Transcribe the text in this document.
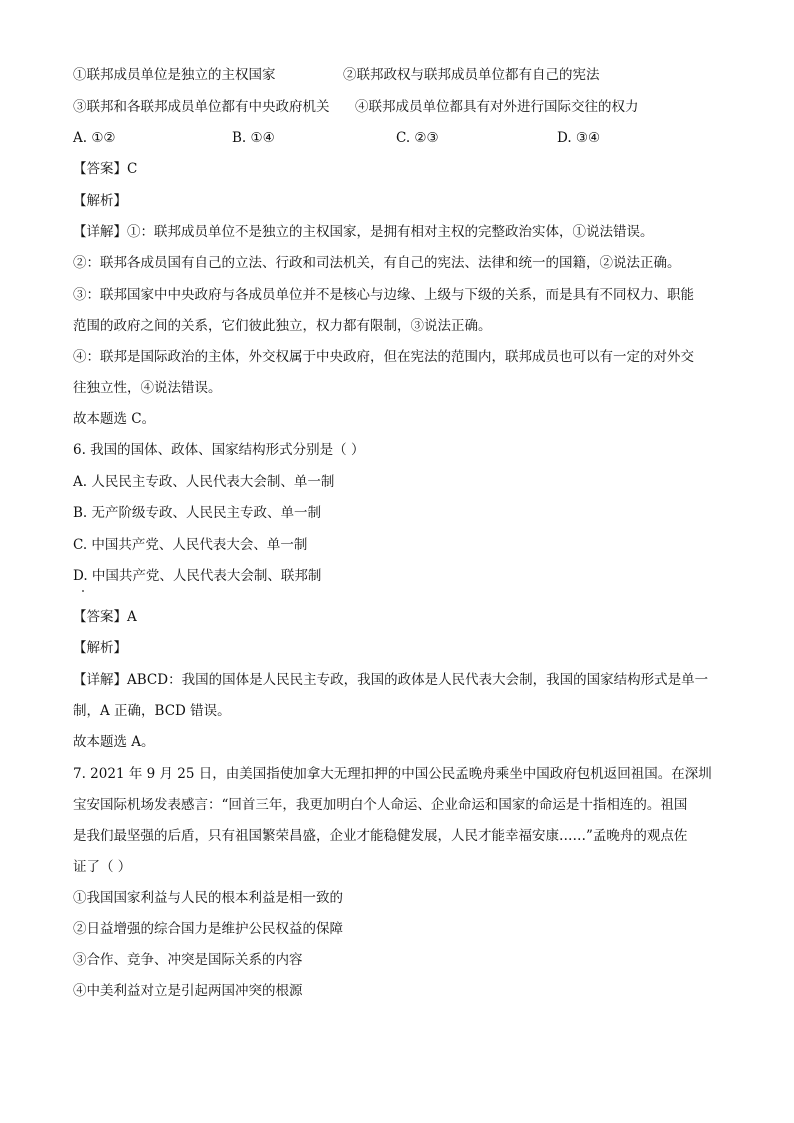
①联邦成员单位是独立的主权国家	②联邦政权与联邦成员单位都有自己的宪法
③联邦和各联邦成员单位都有中央政府机关 ④联邦成员单位都具有对外进行国际交往的权力
A. ①②	B. ①④	C. ②③	D. ③④
【答案】C
【解析】
【详解】①：联邦成员单位不是独立的主权国家，是拥有相对主权的完整政治实体，①说法错误。
②：联邦各成员国有自己的立法、行政和司法机关，有自己的宪法、法律和统一的国籍，②说法正确。
③：联邦国家中中央政府与各成员单位并不是核心与边缘、上级与下级的关系，而是具有不同权力、职能
范围的政府之间的关系，它们彼此独立，权力都有限制，③说法正确。
④：联邦是国际政治的主体，外交权属于中央政府，但在宪法的范围内，联邦成员也可以有一定的对外交
往独立性，④说法错误。
故本题选 C。
6. 我国的国体、政体、国家结构形式分别是（ ）
A. 人民民主专政、人民代表大会制、单一制
B. 无产阶级专政、人民民主专政、单一制
C. 中国共产党、人民代表大会、单一制
D. 中国共产党、人民代表大会制、联邦制
【答案】A
【解析】
【详解】ABCD：我国的国体是人民民主专政，我国的政体是人民代表大会制，我国的国家结构形式是单一
制，A 正确，BCD 错误。
故本题选 A。
7. 2021 年 9 月 25 日，由美国指使加拿大无理扣押的中国公民孟晚舟乘坐中国政府包机返回祖国。在深圳
宝安国际机场发表感言：“回首三年，我更加明白个人命运、企业命运和国家的命运是十指相连的。祖国
是我们最坚强的后盾，只有祖国繁荣昌盛，企业才能稳健发展，人民才能幸福安康……”孟晚舟的观点佐
证了（ ）
①我国国家利益与人民的根本利益是相一致的
②日益增强的综合国力是维护公民权益的保障
③合作、竞争、冲突是国际关系的内容
④中美利益对立是引起两国冲突的根源
